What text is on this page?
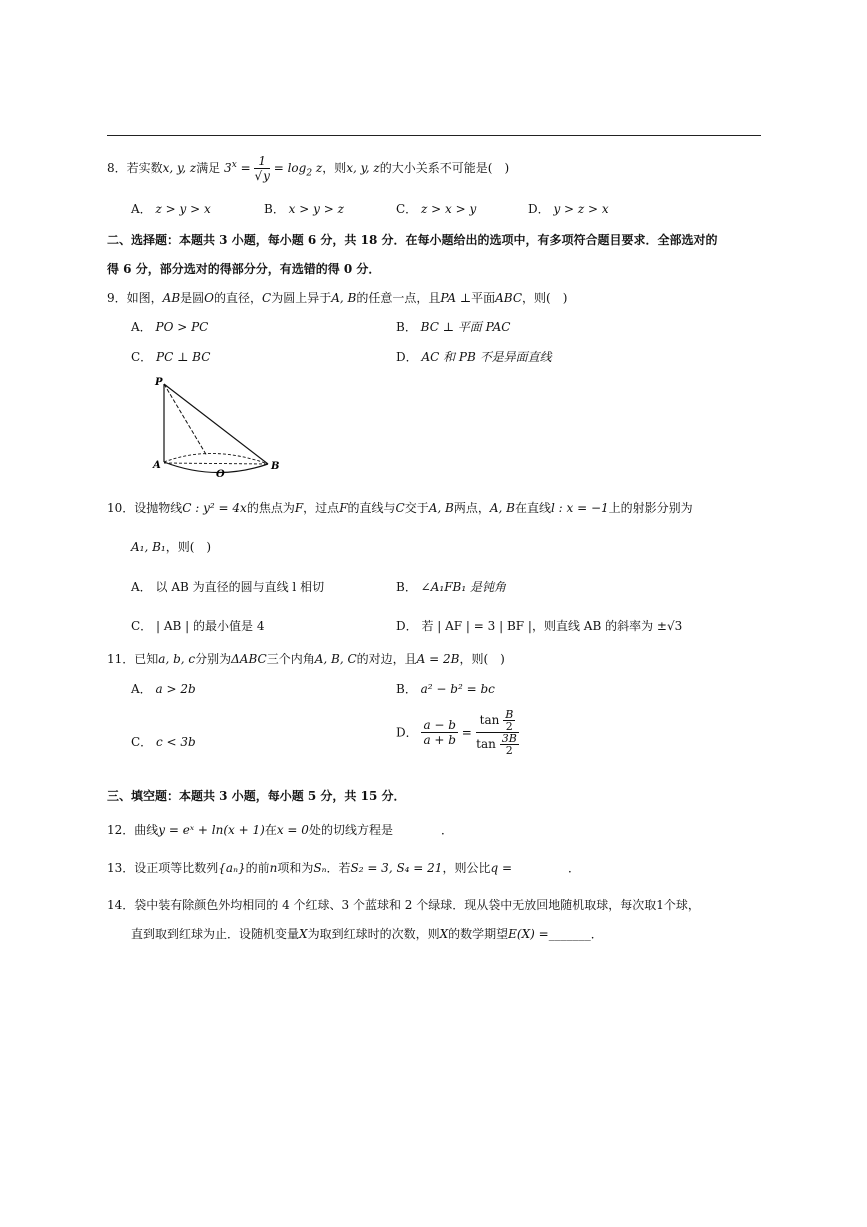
8．若实数x, y, z满足 $3^x = \frac{1}{√y} = \log_2 z$，则x, y, z的大小关系不可能是(　)
A． z > y > x	B． x > y > z	C． z > x > y	D． y > z > x
二、选择题：本题共 3 小题，每小题 6 分，共 18 分．在每小题给出的选项中，有多项符合题目要求．全部选对的
得 6 分，部分选对的得部分分，有选错的得 0 分．
9．如图，AB是圆O的直径，C为圆上异于A, B的任意一点，且PA ⊥平面ABC，则(　)
A． PO > PC	B． BC ⊥ 平面 PAC
C． PC ⊥ BC	D． AC 和 PB 不是异面直线
P
A
O
B
10．设抛物线C : y² = 4x的焦点为F，过点F的直线与C交于A, B两点，A, B在直线l : x = −1上的射影分别为
A₁, B₁，则(　)
A． 以 AB 为直径的圆与直线 l 相切	B． ∠A₁FB₁ 是钝角
C． | AB | 的最小值是 4	D． 若 | AF | = 3 | BF |，则直线 AB 的斜率为 ±√3
11．已知a, b, c分别为ΔABC三个内角A, B, C的对边，且A = 2B，则(　)
A． a > 2b	B． a² − b² = bc
C． c < 3b
D． $\frac{a - b}{a + b} = \frac{\tan \frac{B}{2}}{\tan \frac{3B}{2}}$
三、填空题：本题共 3 小题，每小题 5 分，共 15 分．
12．曲线y = eˣ + ln(x + 1)在x = 0处的切线方程是	．
13．设正项等比数列{aₙ}的前n项和为Sₙ．若S₂ = 3, S₄ = 21，则公比q =	．
14．袋中装有除颜色外均相同的 4 个红球、3 个蓝球和 2 个绿球．现从袋中无放回地随机取球，每次取1个球，
直到取到红球为止．设随机变量X为取到红球时的次数，则X的数学期望E(X) =_______．
